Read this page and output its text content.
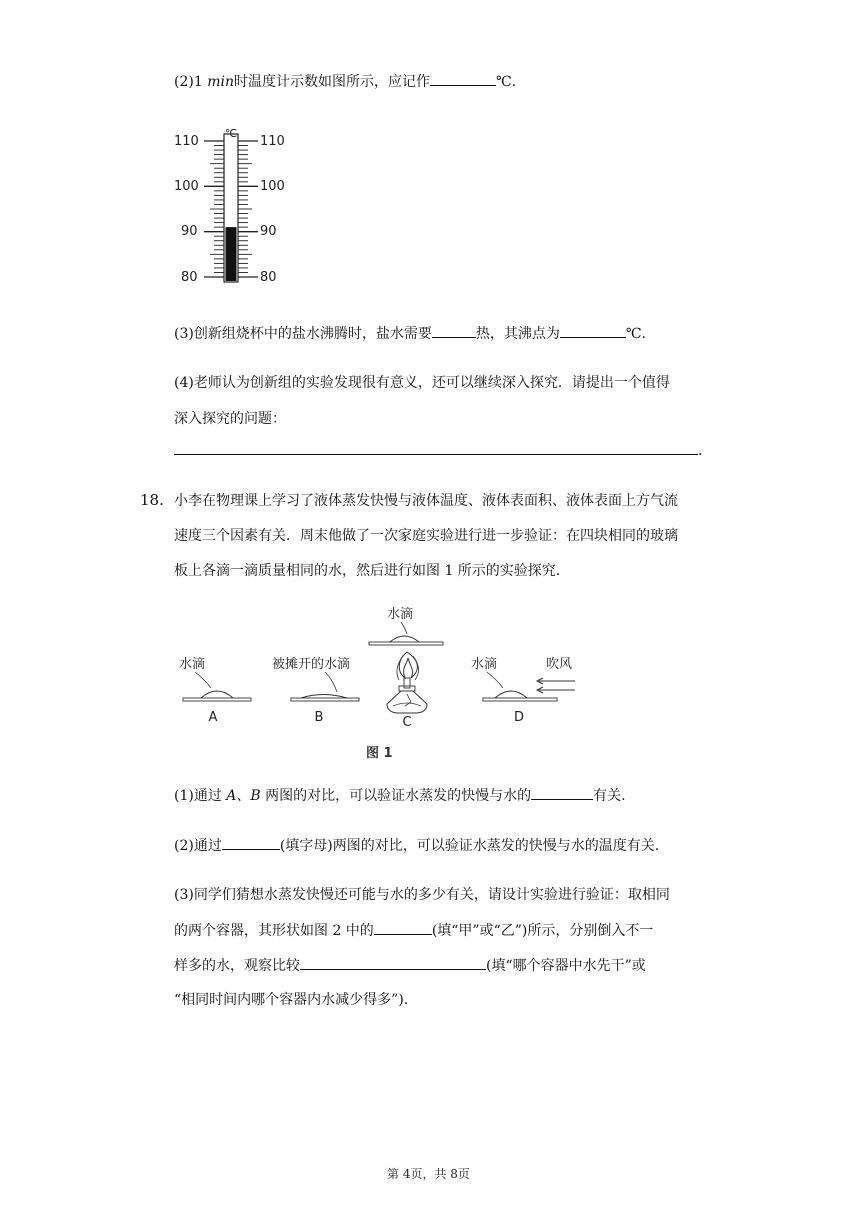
(2)1 min时温度计示数如图所示，应记作	℃.
℃
110
100
90
80
110
100
90
80
(3)创新组烧杯中的盐水沸腾时，盐水需要	热，其沸点为	℃.
(4)老师认为创新组的实验发现很有意义，还可以继续深入探究．请提出一个值得
深入探究的问题：
.
18. 小李在物理课上学习了液体蒸发快慢与液体温度、液体表面积、液体表面上方气流
速度三个因素有关．周末他做了一次家庭实验进行进一步验证：在四块相同的玻璃
板上各滴一滴质量相同的水，然后进行如图 1 所示的实验探究.
水滴
A
被摊开的水滴
B
水滴
C
水滴
D
吹风
图 1
(1)通过 A、B 两图的对比，可以验证水蒸发的快慢与水的	有关.
(2)通过	(填字母)两图的对比，可以验证水蒸发的快慢与水的温度有关.
(3)同学们猜想水蒸发快慢还可能与水的多少有关，请设计实验进行验证：取相同
的两个容器，其形状如图 2 中的	(填“甲”或“乙”)所示，分别倒入不一
样多的水，观察比较	(填“哪个容器中水先干”或
“相同时间内哪个容器内水减少得多”).
第 4页，共 8页
